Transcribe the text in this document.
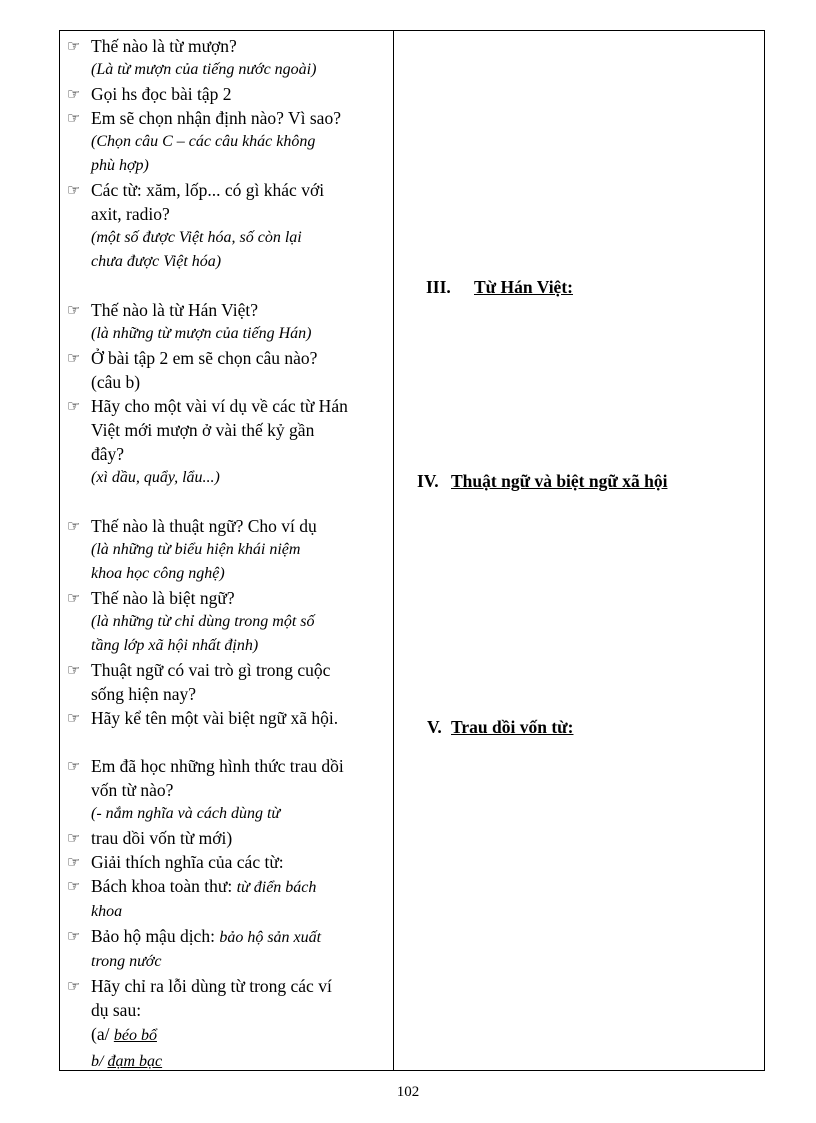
☞ Thế nào là từ mượn?
(Là từ mượn của tiếng nước ngoài)
☞ Gọi hs đọc bài tập 2
☞ Em sẽ chọn nhận định nào? Vì sao?
(Chọn câu C – các câu khác không
phù hợp)
☞ Các từ: xăm, lốp... có gì khác với
axit, radio?
(một số được Việt hóa, số còn lại
chưa được Việt hóa)
☞ Thế nào là từ Hán Việt?
(là những từ mượn của tiếng Hán)
☞ Ở bài tập 2 em sẽ chọn câu nào?
(câu b)
☞ Hãy cho một vài ví dụ về các từ Hán
Việt mới mượn ở vài thế kỷ gần
đây?
(xì dầu, quẩy, lẩu...)
☞ Thế nào là thuật ngữ? Cho ví dụ
(là những từ biểu hiện khái niệm
khoa học công nghệ)
☞ Thế nào là biệt ngữ?
(là những từ chỉ dùng trong một số
tầng lớp xã hội nhất định)
☞ Thuật ngữ có vai trò gì trong cuộc
sống hiện nay?
☞ Hãy kể tên một vài biệt ngữ xã hội.
☞ Em đã học những hình thức trau dồi
vốn từ nào?
(- nắm nghĩa và cách dùng từ
☞ trau dồi vốn từ mới)
☞ Giải thích nghĩa của các từ:
☞ Bách khoa toàn thư: từ điển bách
khoa
☞ Bảo hộ mậu dịch: bảo hộ sản xuất
trong nước
☞ Hãy chỉ ra lỗi dùng từ trong các ví
dụ sau:
(a/ béo bổ
b/ đạm bạc
III. Từ Hán Việt:
IV. Thuật ngữ và biệt ngữ xã hội
V. Trau dồi vốn từ:
102
